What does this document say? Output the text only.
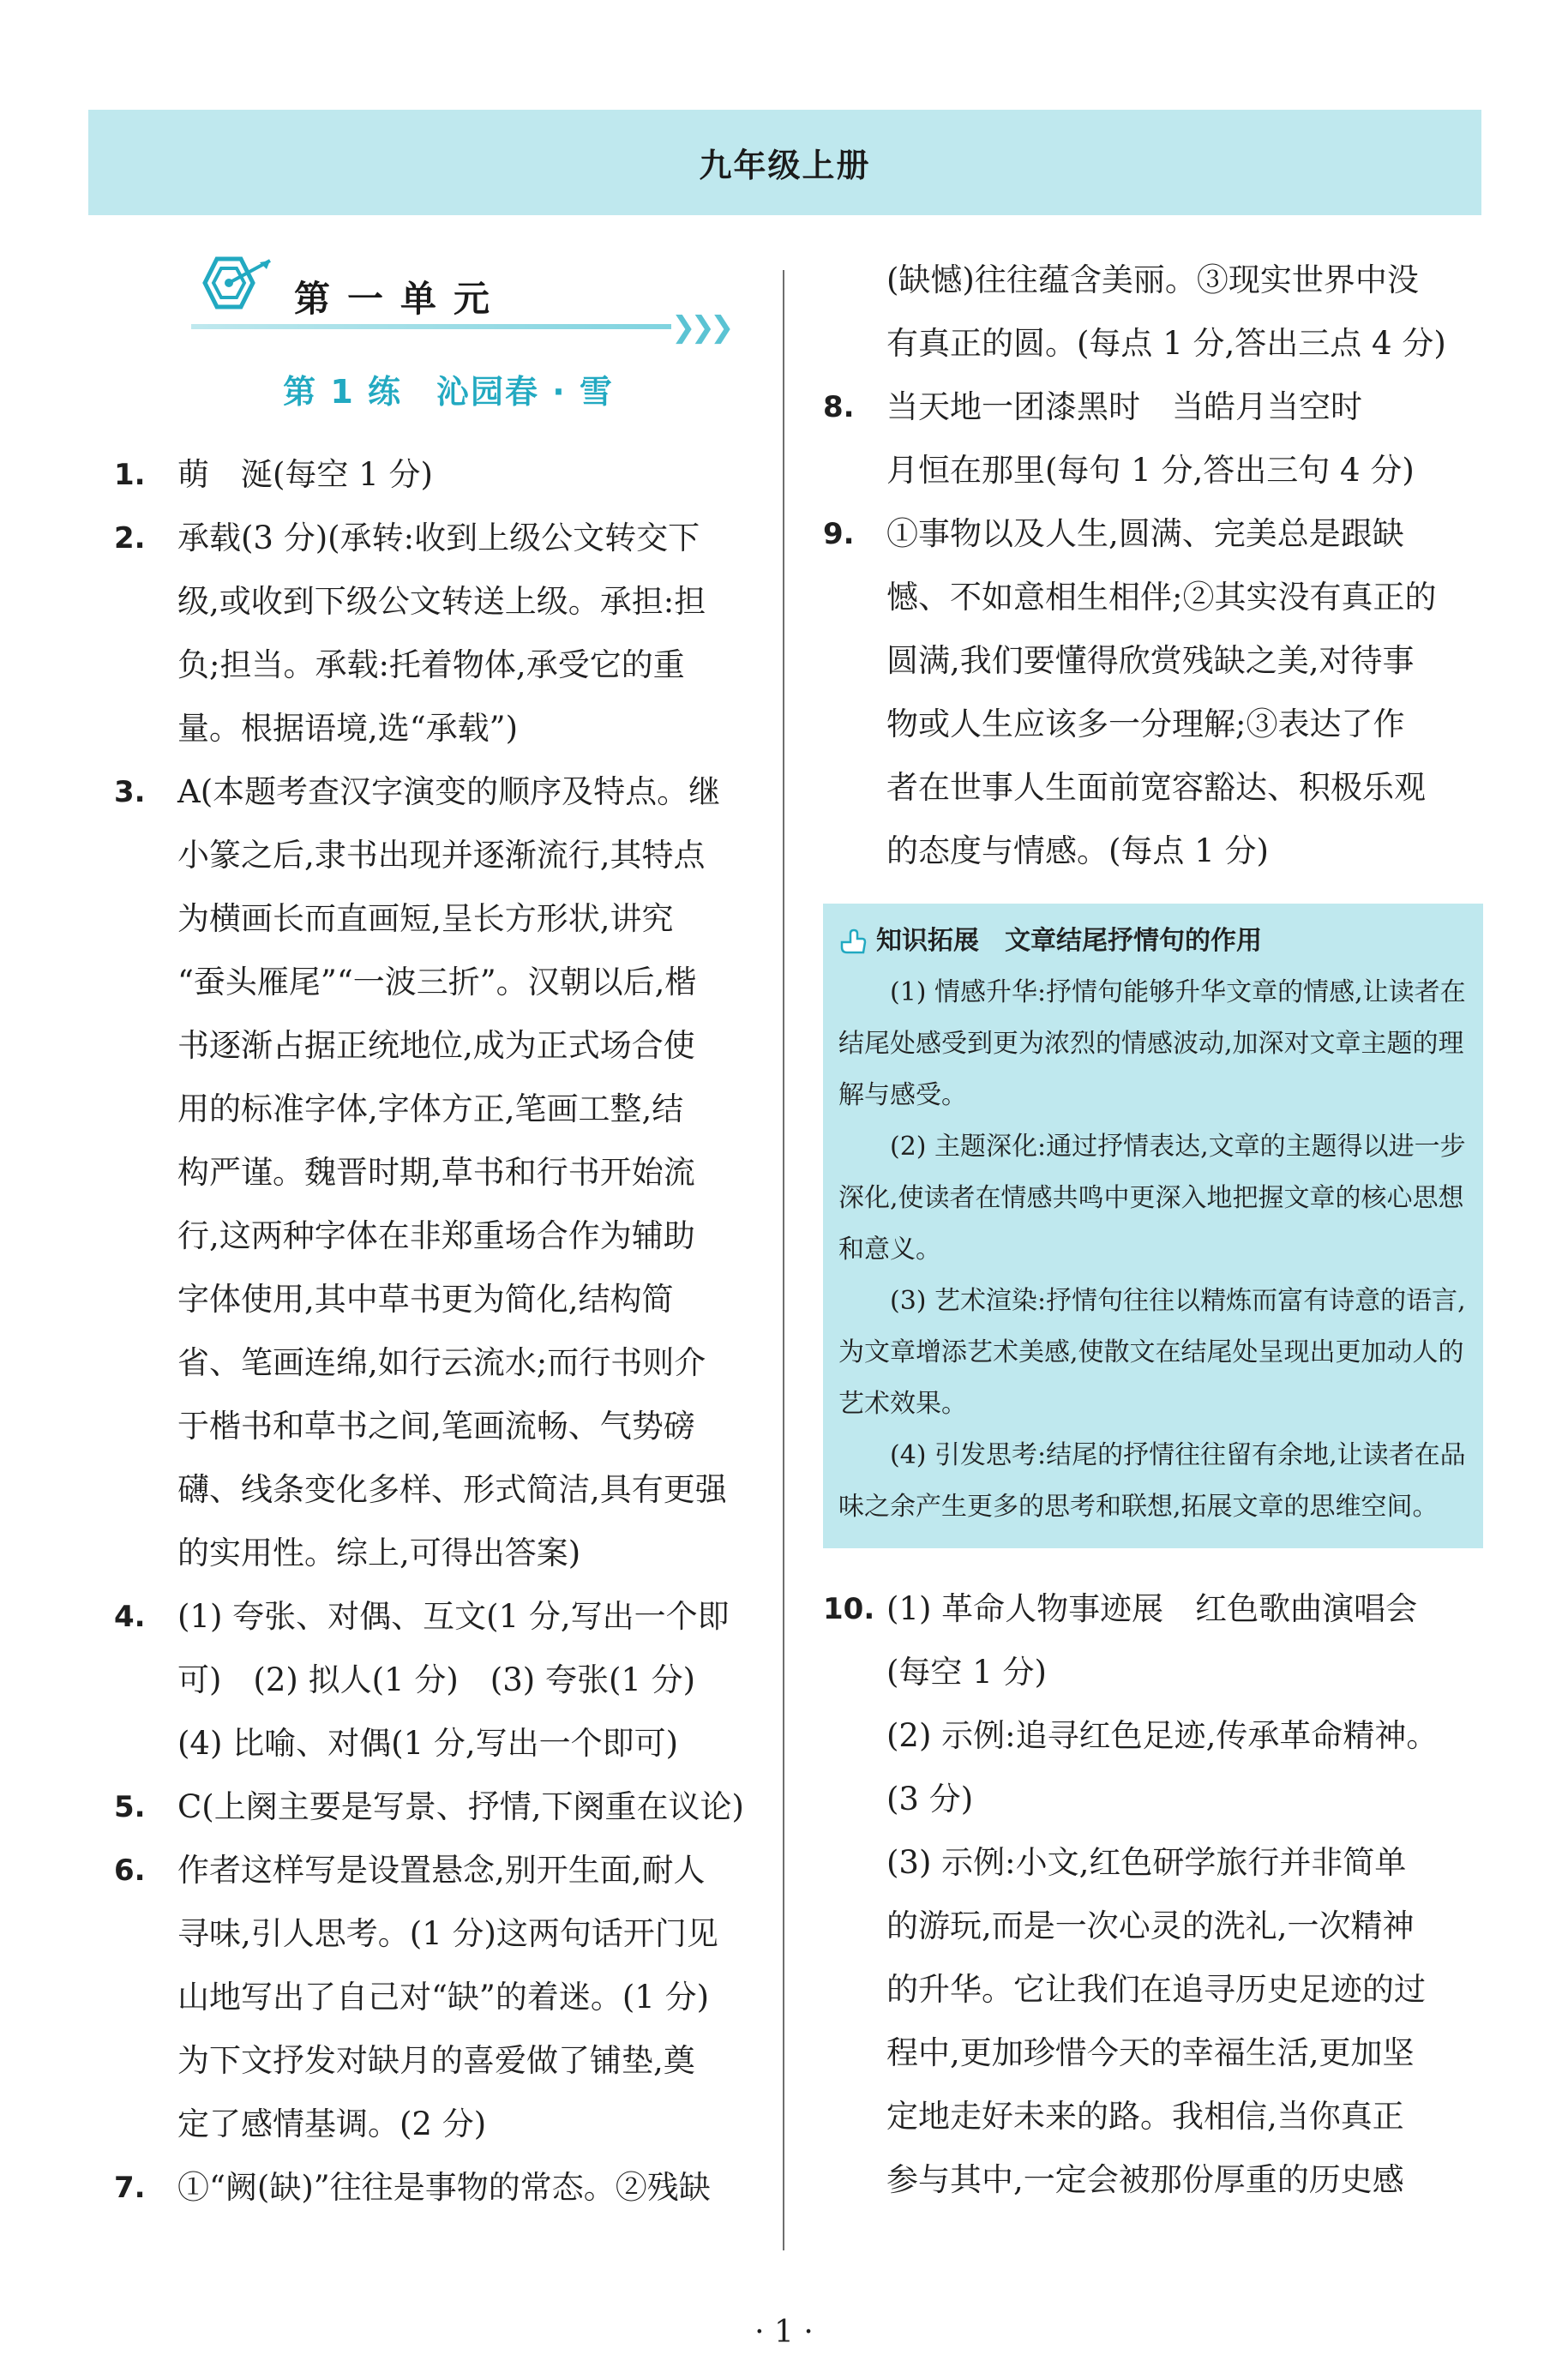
九年级上册
第一单元
❯❯❯
第 1 练　沁园春 · 雪
1. 萌　涎(每空 1 分)
2. 承载(3 分)(承转:收到上级公文转交下
级,或收到下级公文转送上级。承担:担
负;担当。承载:托着物体,承受它的重
量。根据语境,选“承载”)
3. A(本题考查汉字演变的顺序及特点。继
小篆之后,隶书出现并逐渐流行,其特点
为横画长而直画短,呈长方形状,讲究
“蚕头雁尾”“一波三折”。汉朝以后,楷
书逐渐占据正统地位,成为正式场合使
用的标准字体,字体方正,笔画工整,结
构严谨。魏晋时期,草书和行书开始流
行,这两种字体在非郑重场合作为辅助
字体使用,其中草书更为简化,结构简
省、笔画连绵,如行云流水;而行书则介
于楷书和草书之间,笔画流畅、气势磅
礴、线条变化多样、形式简洁,具有更强
的实用性。综上,可得出答案)
4. (1) 夸张、对偶、互文(1 分,写出一个即
可)　(2) 拟人(1 分)　(3) 夸张(1 分)
(4) 比喻、对偶(1 分,写出一个即可)
5. C(上阕主要是写景、抒情,下阕重在议论)
6. 作者这样写是设置悬念,别开生面,耐人
寻味,引人思考。(1 分)这两句话开门见
山地写出了自己对“缺”的着迷。(1 分)
为下文抒发对缺月的喜爱做了铺垫,奠
定了感情基调。(2 分)
7. ①“阙(缺)”往往是事物的常态。②残缺
(缺憾)往往蕴含美丽。③现实世界中没
有真正的圆。(每点 1 分,答出三点 4 分)
8. 当天地一团漆黑时　当皓月当空时
月恒在那里(每句 1 分,答出三句 4 分)
9. ①事物以及人生,圆满、完美总是跟缺
憾、不如意相生相伴;②其实没有真正的
圆满,我们要懂得欣赏残缺之美,对待事
物或人生应该多一分理解;③表达了作
者在世事人生面前宽容豁达、积极乐观
的态度与情感。(每点 1 分)
知识拓展 文章结尾抒情句的作用

(1) 情感升华:抒情句能够升华文章的情感,让读者在结尾处感受到更为浓烈的情感波动,加深对文章主题的理解与感受。

(2) 主题深化:通过抒情表达,文章的主题得以进一步深化,使读者在情感共鸣中更深入地把握文章的核心思想和意义。

(3) 艺术渲染:抒情句往往以精炼而富有诗意的语言,为文章增添艺术美感,使散文在结尾处呈现出更加动人的艺术效果。

(4) 引发思考:结尾的抒情往往留有余地,让读者在品味之余产生更多的思考和联想,拓展文章的思维空间。

10. (1) 革命人物事迹展　红色歌曲演唱会
(每空 1 分)
(2) 示例:追寻红色足迹,传承革命精神。
(3 分)
(3) 示例:小文,红色研学旅行并非简单
的游玩,而是一次心灵的洗礼,一次精神
的升华。它让我们在追寻历史足迹的过
程中,更加珍惜今天的幸福生活,更加坚
定地走好未来的路。我相信,当你真正
参与其中,一定会被那份厚重的历史感
· 1 ·
